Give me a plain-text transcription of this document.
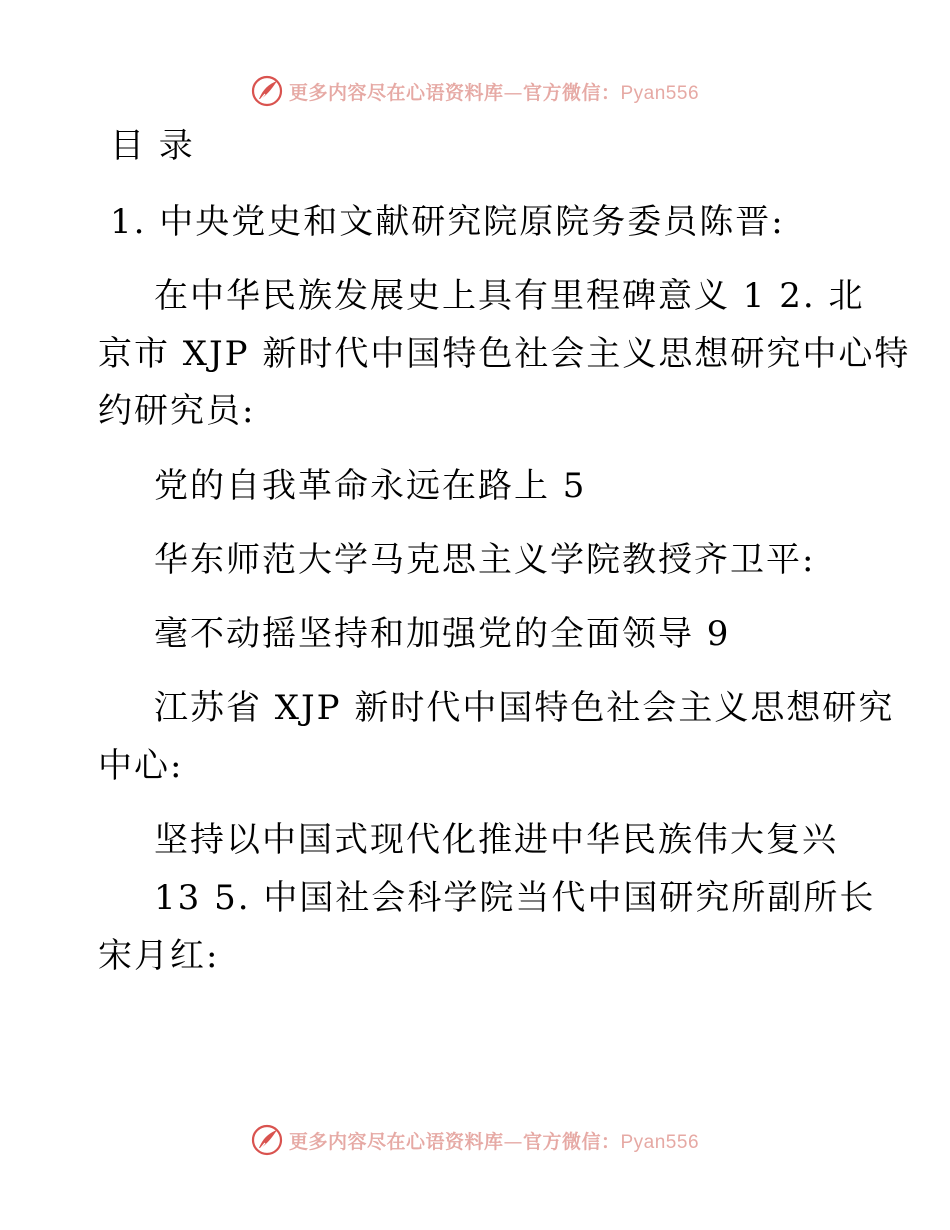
更多内容尽在心语资料库—官方微信：Pyan556
目 录
1. 中央党史和文献研究院原院务委员陈晋:
在中华民族发展史上具有里程碑意义 1 2. 北
京市 XJP 新时代中国特色社会主义思想研究中心特
约研究员:
党的自我革命永远在路上 5
华东师范大学马克思主义学院教授齐卫平:
毫不动摇坚持和加强党的全面领导 9
江苏省 XJP 新时代中国特色社会主义思想研究
中心:
坚持以中国式现代化推进中华民族伟大复兴
13 5. 中国社会科学院当代中国研究所副所长
宋月红:
更多内容尽在心语资料库—官方微信：Pyan556
